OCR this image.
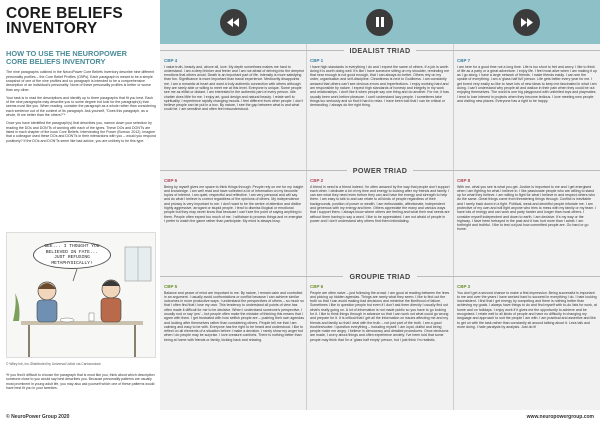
CORE BELIEFS
INVENTORY
HOW TO USE THE NEUROPOWER
CORE BELIEFS INVENTORY

The nine paragraphs outlined in the NeuroPower Core Beliefs Inventory describe nine different personality profiles – the Core Belief Profiles (CBPs). Each paragraph is meant to be a simple snapshot of one of the nine profiles and so paragraph is intended to be a comprehensive description of an individual's personality. None of these personality profiles is better or worse than any other.

Your task is to read the descriptions and identify up to three paragraphs that fit you best. Each of the nine paragraphs may describe you to some degree but look for the paragraph(s) that seems most like you. When reading, consider the paragraph as a whole rather than considering each sentence out of the context of its paragraph. Ask yourself, "Does this paragraph, as a whole, fit me better than the others?"*

Once you have identified the paragraph(s) that describes you, narrow down your selection by reading the DOs and DON'Ts of working with each of the types. These DOs and DON'Ts are listed in each chapter of the book Core Beliefs. Interviewing the Power (Burrow, 2012). Imagine that a colleague used these DOs and DON'Ts in their interactions with you – would you respond positively? If the DOs and DON'Ts seem like bad advice, you are unlikely to be this type.

GEE... I THOUGHT YOU BELIEVED IN FATE... JUST REFUSING METAPHYSICALLY!
© Wiley Ink, Inc./Distributed by Universal Uclick via Cartoonstock
*If you find it difficult to choose the paragraph that is most like you, think about which description someone close to you would say best describes you. Because personality patterns are usually most prominent in young adult life, you may also ask yourself which one of these patterns would have best fit you in your twenties.
IDEALIST TRIAD
CBP 4
I value truth, beauty and, above all, love. My depth sometimes makes me hard to understand. I am a deep thinker and feeler and I am not afraid of delving into the deepest emotions that others avoid. Death is an important part of life. Intensity is more satisfying than fun. Significance is more important than banal experience. Mediocrity disappoints me. I am a romantic at heart and want a truly authentic connection with others although they are rarely able or willing to meet me at this level. Everyone is unique. Some people see me as elitist or distant. I am interested in the authentic part of every person. Idle chatter does little for me. I enjoy art, good design and natural beauty. I relate well to spirituality. I experience rapidly changing moods. I feel different from other people. I don't believe people can be put in a box. By nature, I see the gap between what is and what could be. I am sensitive and often feel misunderstood.
CBP 1
I have high standards in everything I do and I expect the same of others. If a job is worth doing it is worth doing well. It's like I have someone sitting on my shoulder, reminding me that near enough is not good enough, that I can always do better. Others rely on my order, organisation and self-discipline. Cleanliness is next to Godliness. I am constantly amazed that others can't see obvious errors and imperfections. I enjoy working hard and am responsible by nature. I expect high standards of honesty and integrity in my work and relationships. I don't like it when people say one thing and do another. For me, it has usually been work before pleasure. I can't understand lazy people. I sometimes take things too seriously and so find it hard to relax. I have been told that I can be critical or demanding. I always do the right thing.
CBP 7
I am here for a good time not a long time. Life is too short to fret and worry. I like to think of life as a party or a great adventure. I enjoy life. I feel most alive when I am making it up as I go along. I have a large network of friends. I make friends easily. I can see the upside of everything. I am a 'glass half full' person. Life gets better every year for me. I get bored very easily so like to have lots of new ideas to keep me fascinated in what I am doing. I can't understand why people sit and wallow in their pain when they could be out enjoying themselves. The world is one big playground with unlimited toys and playmates. I tend to lose interest in projects when they become tedious. I love meeting new people and visiting new places. Everyone has a right to be happy.
POWER TRIAD
CBP 6
Being by myself gives me space to think things through. People rely on me for my insight and knowledge. I am well read and have collected a lot of information on my favourite topics of interest. I am quiet, respectful and reflective. I am very personal and will say and do what I believe is correct regardless of the opinions of others. My independence and privacy is very important to me. I don't want to be the centre of attention and dislike highly aggressive, arrogant or stupid people. I tend to dismiss illogical or emotional people but they may never know that because I can't see the point of saying anything to them. People often expect too much of me. I withdraw to process things and re-energise. I prefer to watch the game rather than participate. My mind is always busy.
CBP 2
A friend in need is a friend indeed. I'm often amazed by the way that people don't support each other. I dedicate a lot of my time and energy to looking after my friends and family. I can see what they need even before they can and have the energy and strength to help them. I am easy to talk to and can relate to all kinds of people regardless of their backgrounds, position of power or wealth. I am enthusiastic, affectionate, independent and generous with my energy and time. Others appreciate the many and various ways that I support them. I always know where others are feeling and what their real needs are without them having to say a word. I like to be appreciated. I am not afraid of people in power and I don't understand why others find them intimidating.
CBP 8
With me, what you see is what you get. Justice is important to me and I get energised when I am fighting for what I believe in. I like passionate people who are willing to stand up for what they believe. I am willing to fight for what I believe in and respect others who do the same. Great things come from threatening things through. Conflict is inevitable and I rarely back down in a fight. Political, weak and deceitful people infuriate me. I am protective of my own and will fight anyone who tries to mess with my family or my team. I have lots of energy and can work and party harder and longer than most others. I consider myself independent and down to earth. I am decisive. It's my way or the highway. I have been betrayed in the past and it has hurt more than I admit. I am forthright and truthful. I like to test out just how committed people are. Go hard or go home.
GROUPIE TRIAD
CBP 5
Balance and peace of mind are important to me. By nature, I remain calm and controlled in an argument. I usually avoid confrontations or conflict because I can achieve similar outcomes in more productive ways. I understand the perspectives of others – so much so that I often find that I lose my own. This tendency to understand all points of view has often made it difficult for me to be decisive. When I understand someone's perspective, I usually nod or say 'yes' – but people often make the mistake of thinking this means that I agree with them. I get frustrated with how selfish people are – pushing their own agendas and looking after themselves rather than considering others. People tell me that I am calming and easy to be with. Everyone has the right to be heard and understood. I like to reflect on all elements of a situation before I make a decision. I rarely show my anger but when I do people may be surprise. I love creature comforts. There is nothing better than being at home with friends or family, kicking back and relaxing.
CBP 6
People are often naive – just following the crowd. I am good at reading between the lines and picking up hidden agendas. Things are rarely what they seem. I like to find out the truth so that I can avoid making bad decisions and minimise the likelihood of failure. Sometimes I like to question people but even if I don't ask them directly I usually find out what's really going on. A lot of information is not made public so you have to go looking for it. I like to think things through in advance so that I can work out what could go wrong and prepare for it. It is critical that I get all the information on issues affecting me and my friends and family so that I deal with the truth – not just part of the truth. I am a good troubleshooter. I question everything – including myself. I am loyal, dutiful and being people make me angry. I believe in democracy and detailed procedures. Once decisions are made, I worry about things and often experience anxiety. I've been told that some people may think that I'm a 'glass half empty' person, but I just think I'm realistic.
CBP 3
You don't get a second chance to make a first impression. Being successful is important to me and over the years I have worked hard to succeed in everything I do. I hate looking inconsistent. I find that I get energy by competing and there is nothing better than achieving my goals. I always have things to do and find myself with to-do lists for work, at home and on holidays. I enjoy work if it gives me the opportunity to achieve and be recognised. I relate well to all kinds of people and have no difficulty in changing my language and approach to suit the people I am with. I am practical and assertive and like to get on with the task rather than constantly sit around talking about it. Less talk and more doing. I hate paralysis by analysis. Just do it!
© NeuroPower Group 2020	www.neuropowergroup.com
